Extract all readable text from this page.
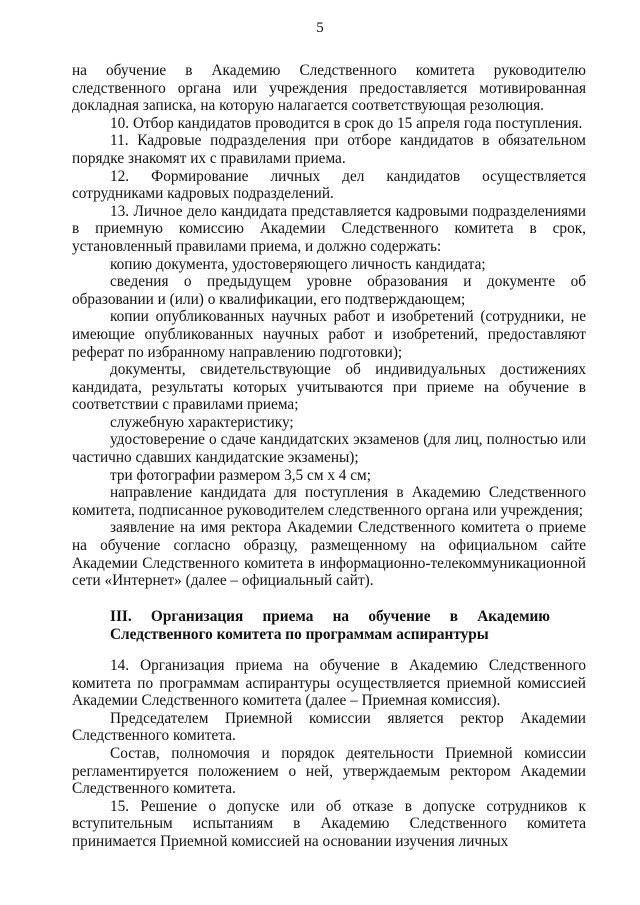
5

на обучение в Академию Следственного комитета руководителю следственного органа или учреждения предоставляется мотивированная докладная записка, на которую налагается соответствующая резолюция.

10. Отбор кандидатов проводится в срок до 15 апреля года поступления.

11. Кадровые подразделения при отборе кандидатов в обязательном порядке знакомят их с правилами приема.

12. Формирование личных дел кандидатов осуществляется сотрудниками кадровых подразделений.

13. Личное дело кандидата представляется кадровыми подразделениями в приемную комиссию Академии Следственного комитета в срок, установленный правилами приема, и должно содержать:

копию документа, удостоверяющего личность кандидата;

сведения о предыдущем уровне образования и документе об образовании и (или) о квалификации, его подтверждающем;

копии опубликованных научных работ и изобретений (сотрудники, не имеющие опубликованных научных работ и изобретений, предоставляют реферат по избранному направлению подготовки);

документы, свидетельствующие об индивидуальных достижениях кандидата, результаты которых учитываются при приеме на обучение в соответствии с правилами приема;

служебную характеристику;

удостоверение о сдаче кандидатских экзаменов (для лиц, полностью или частично сдавших кандидатские экзамены);

три фотографии размером 3,5 см х 4 см;

направление кандидата для поступления в Академию Следственного комитета, подписанное руководителем следственного органа или учреждения;

заявление на имя ректора Академии Следственного комитета о приеме на обучение согласно образцу, размещенному на официальном сайте Академии Следственного комитета в информационно-телекоммуникационной сети «Интернет» (далее – официальный сайт).

III. Организация приема на обучение в Академию Следственного комитета по программам аспирантуры

14. Организация приема на обучение в Академию Следственного комитета по программам аспирантуры осуществляется приемной комиссией Академии Следственного комитета (далее – Приемная комиссия).

Председателем Приемной комиссии является ректор Академии Следственного комитета.

Состав, полномочия и порядок деятельности Приемной комиссии регламентируется положением о ней, утверждаемым ректором Академии Следственного комитета.

15. Решение о допуске или об отказе в допуске сотрудников к вступительным испытаниям в Академию Следственного комитета принимается Приемной комиссией на основании изучения личных
